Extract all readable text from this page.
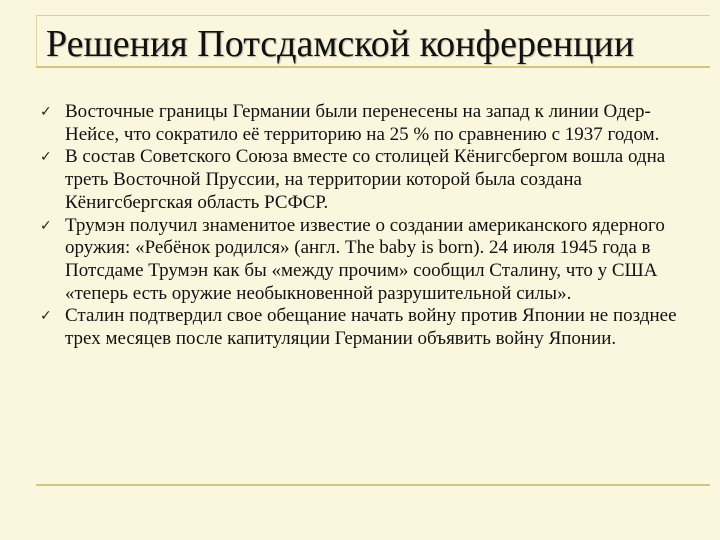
Решения Потсдамской конференции
✓ Восточные границы Германии были перенесены на запад к линии Одер-Нейсе, что сократило её территорию на 25 % по сравнению с 1937 годом.
✓ В состав Советского Союза вместе со столицей Кёнигсбергом вошла одна треть Восточной Пруссии, на территории которой была создана Кёнигсбергская область РСФСР.
✓ Трумэн получил знаменитое известие о создании американского ядерного оружия: «Ребёнок родился» (англ. The baby is born). 24 июля 1945 года в Потсдаме Трумэн как бы «между прочим» сообщил Сталину, что у США «теперь есть оружие необыкновенной разрушительной силы».
✓ Сталин подтвердил свое обещание начать войну против Японии не позднее трех месяцев после капитуляции Германии объявить войну Японии.
